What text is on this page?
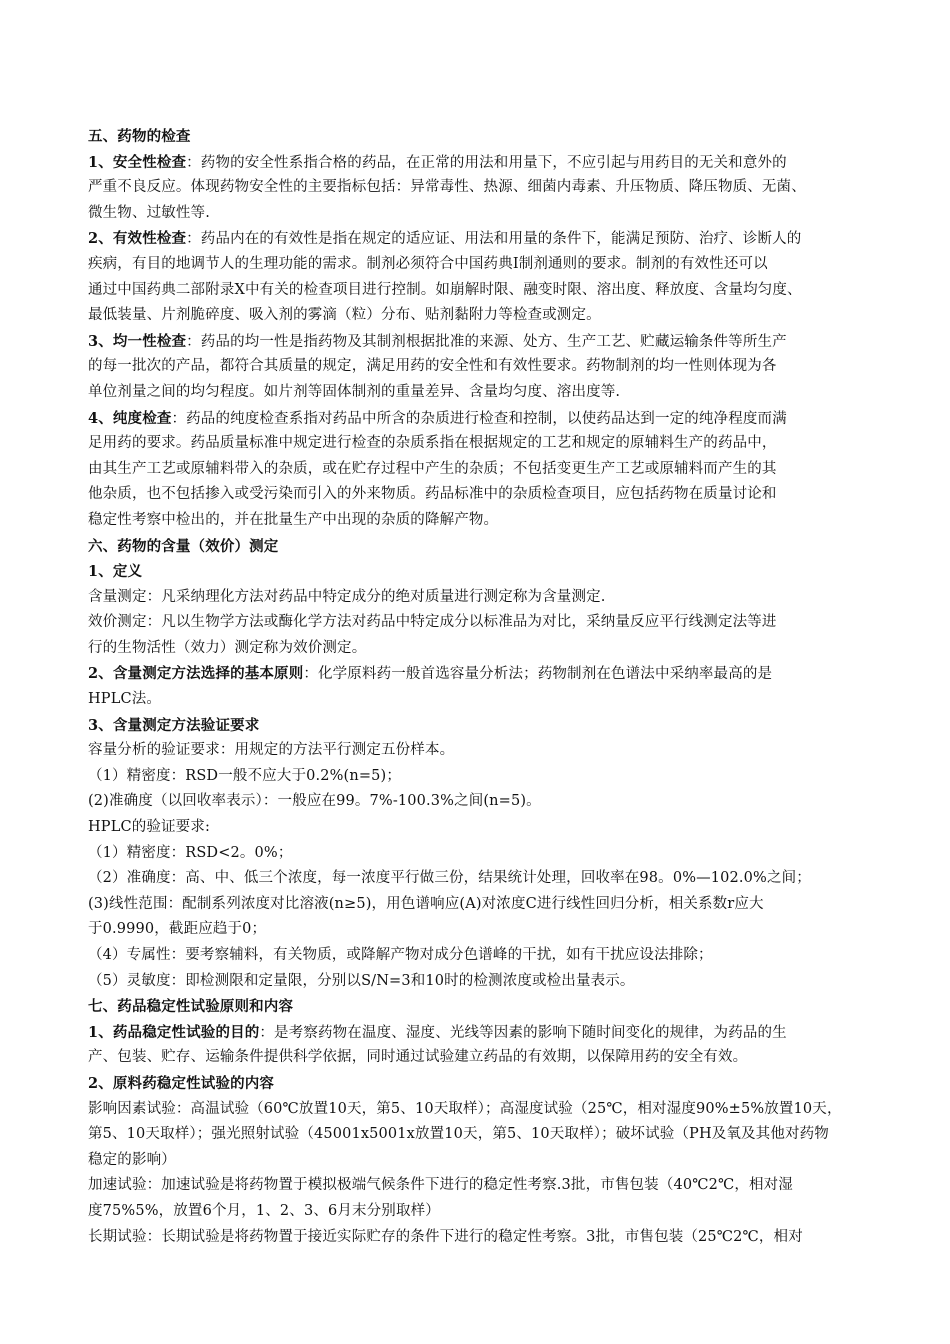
五、药物的检查
1、安全性检查：药物的安全性系指合格的药品，在正常的用法和用量下，不应引起与用药目的无关和意外的
严重不良反应。体现药物安全性的主要指标包括：异常毒性、热源、细菌内毒素、升压物质、降压物质、无菌、
微生物、过敏性等.
2、有效性检查：药品内在的有效性是指在规定的适应证、用法和用量的条件下，能满足预防、治疗、诊断人的
疾病，有目的地调节人的生理功能的需求。制剂必须符合中国药典Ⅰ制剂通则的要求。制剂的有效性还可以
通过中国药典二部附录Ⅹ中有关的检查项目进行控制。如崩解时限、融变时限、溶出度、释放度、含量均匀度、
最低装量、片剂脆碎度、吸入剂的雾滴（粒）分布、贴剂黏附力等检查或测定。
3、均一性检查：药品的均一性是指药物及其制剂根据批准的来源、处方、生产工艺、贮藏运输条件等所生产
的每一批次的产品，都符合其质量的规定，满足用药的安全性和有效性要求。药物制剂的均一性则体现为各
单位剂量之间的均匀程度。如片剂等固体制剂的重量差异、含量均匀度、溶出度等.
4、纯度检查：药品的纯度检查系指对药品中所含的杂质进行检查和控制，以使药品达到一定的纯净程度而满
足用药的要求。药品质量标准中规定进行检查的杂质系指在根据规定的工艺和规定的原辅料生产的药品中，
由其生产工艺或原辅料带入的杂质，或在贮存过程中产生的杂质；不包括变更生产工艺或原辅料而产生的其
他杂质，也不包括掺入或受污染而引入的外来物质。药品标准中的杂质检查项目，应包括药物在质量讨论和
稳定性考察中检出的，并在批量生产中出现的杂质的降解产物。
六、药物的含量（效价）测定
1、定义
含量测定：凡采纳理化方法对药品中特定成分的绝对质量进行测定称为含量测定.
效价测定：凡以生物学方法或酶化学方法对药品中特定成分以标准品为对比，采纳量反应平行线测定法等进
行的生物活性（效力）测定称为效价测定。
2、含量测定方法选择的基本原则：化学原料药一般首选容量分析法；药物制剂在色谱法中采纳率最高的是
HPLC法。
3、含量测定方法验证要求
容量分析的验证要求：用规定的方法平行测定五份样本。
（1）精密度：RSD一般不应大于0.2%(n=5)；
(2)准确度（以回收率表示）：一般应在99。7%-100.3%之间(n=5)。
HPLC的验证要求:
（1）精密度：RSD<2。0%；
（2）准确度：高、中、低三个浓度，每一浓度平行做三份，结果统计处理，回收率在98。0%—102.0%之间；
(3)线性范围：配制系列浓度对比溶液(n≥5)，用色谱响应(A)对浓度C进行线性回归分析，相关系数r应大
于0.9990，截距应趋于0；
（4）专属性：要考察辅料，有关物质，或降解产物对成分色谱峰的干扰，如有干扰应设法排除；
（5）灵敏度：即检测限和定量限，分别以S/N=3和10时的检测浓度或检出量表示。
七、药品稳定性试验原则和内容
1、药品稳定性试验的目的：是考察药物在温度、湿度、光线等因素的影响下随时间变化的规律，为药品的生
产、包装、贮存、运输条件提供科学依据，同时通过试验建立药品的有效期，以保障用药的安全有效。
2、原料药稳定性试验的内容
影响因素试验：高温试验（60℃放置10天，第5、10天取样）；高湿度试验（25℃，相对湿度90%±5%放置10天，
第5、10天取样）；强光照射试验（45001x5001x放置10天，第5、10天取样）；破坏试验（PH及氧及其他对药物
稳定的影响）
加速试验：加速试验是将药物置于模拟极端气候条件下进行的稳定性考察.3批，市售包装（40℃2℃，相对湿
度75%5%，放置6个月，1、2、3、6月末分别取样）
长期试验：长期试验是将药物置于接近实际贮存的条件下进行的稳定性考察。3批，市售包装（25℃2℃，相对
